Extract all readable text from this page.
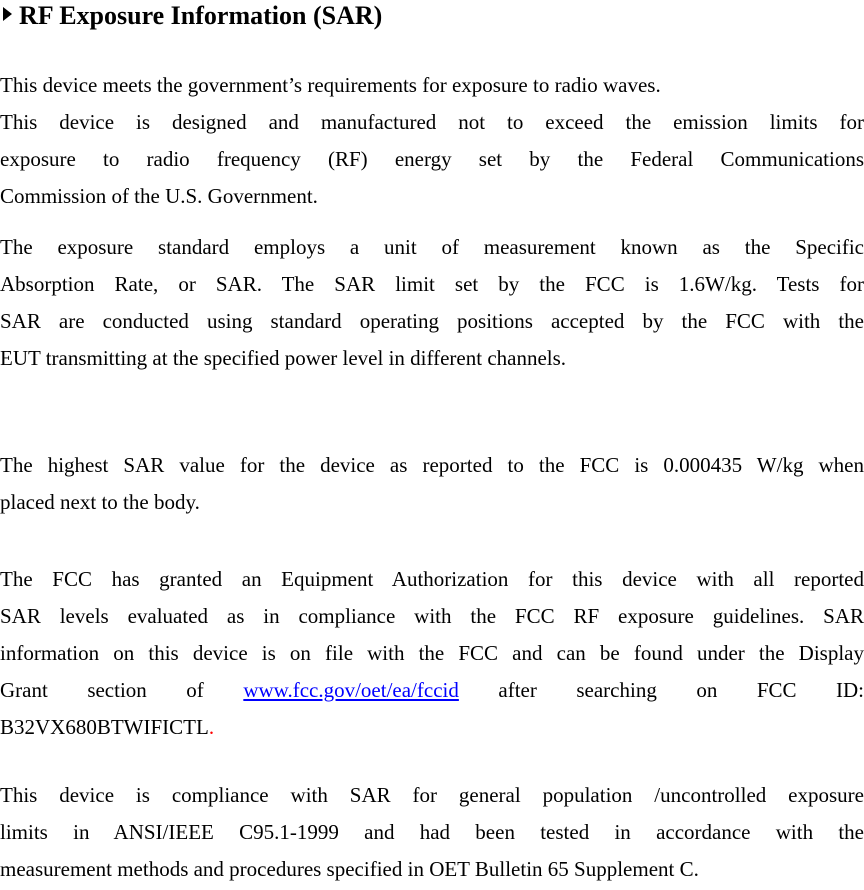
RF Exposure Information (SAR)
This device meets the government’s requirements for exposure to radio waves.
This device is designed and manufactured not to exceed the emission limits for
exposure to radio frequency (RF) energy set by the Federal Communications
Commission of the U.S. Government.
The exposure standard employs a unit of measurement known as the Specific
Absorption Rate, or SAR. The SAR limit set by the FCC is 1.6W/kg. Tests for
SAR are conducted using standard operating positions accepted by the FCC with the
EUT transmitting at the specified power level in different channels.
The highest SAR value for the device as reported to the FCC is 0.000435 W/kg when
placed next to the body.
The FCC has granted an Equipment Authorization for this device with all reported
SAR levels evaluated as in compliance with the FCC RF exposure guidelines. SAR
information on this device is on file with the FCC and can be found under the Display
Grant section of www.fcc.gov/oet/ea/fccid after searching on FCC ID:
B32VX680BTWIFICTL.
This device is compliance with SAR for general population /uncontrolled exposure
limits in ANSI/IEEE C95.1-1999 and had been tested in accordance with the
measurement methods and procedures specified in OET Bulletin 65 Supplement C.
